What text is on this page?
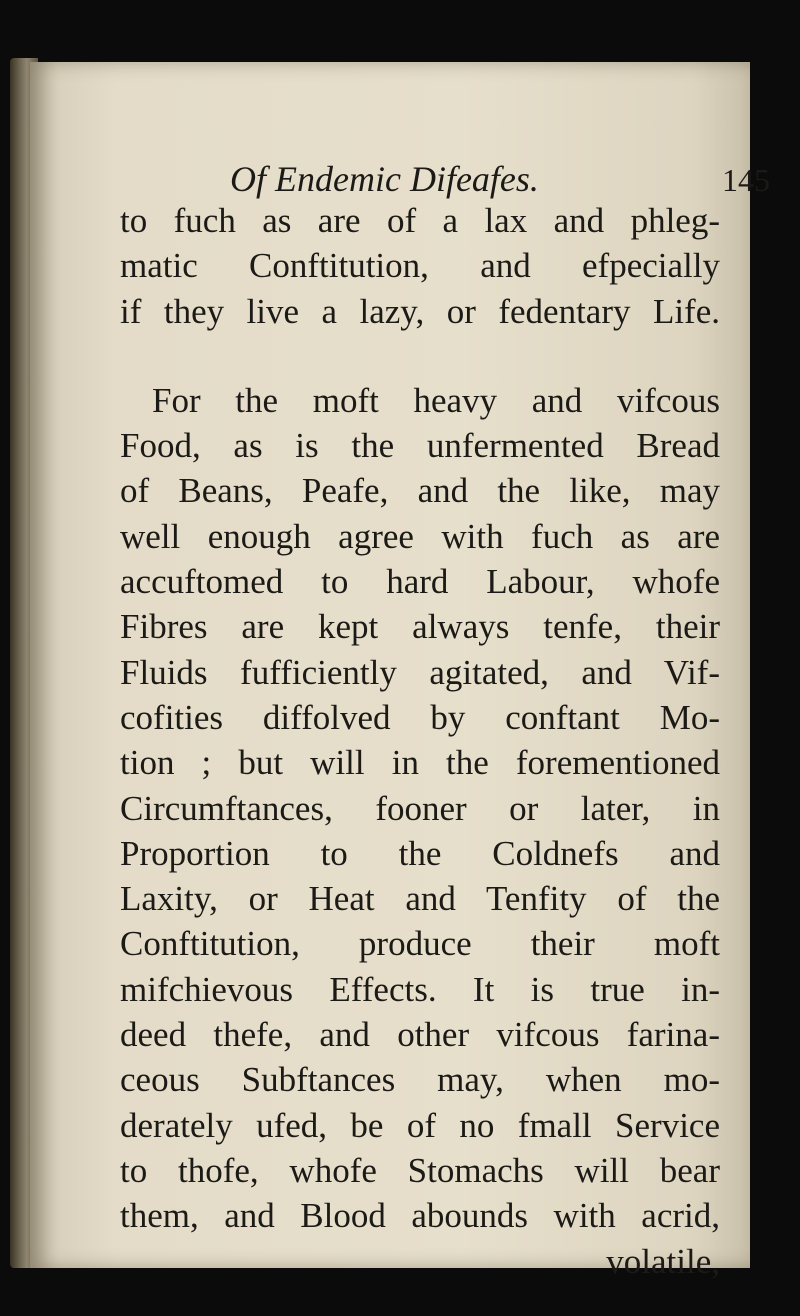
Of Endemic Difeafes.	145
to fuch as are of a lax and phleg-
matic Conftitution, and efpecially
if they live a lazy, or fedentary Life.
For the moft heavy and vifcous
Food, as is the unfermented Bread
of Beans, Peafe, and the like, may
well enough agree with fuch as are
accuftomed to hard Labour, whofe
Fibres are kept always tenfe, their
Fluids fufficiently agitated, and Vif-
cofities diffolved by conftant Mo-
tion ; but will in the forementioned
Circumftances, fooner or later, in
Proportion to the Coldnefs and
Laxity, or Heat and Tenfity of the
Conftitution, produce their moft
mifchievous Effects. It is true in-
deed thefe, and other vifcous farina-
ceous Subftances may, when mo-
derately ufed, be of no fmall Service
to thofe, whofe Stomachs will bear
them, and Blood abounds with acrid,
volatile,
